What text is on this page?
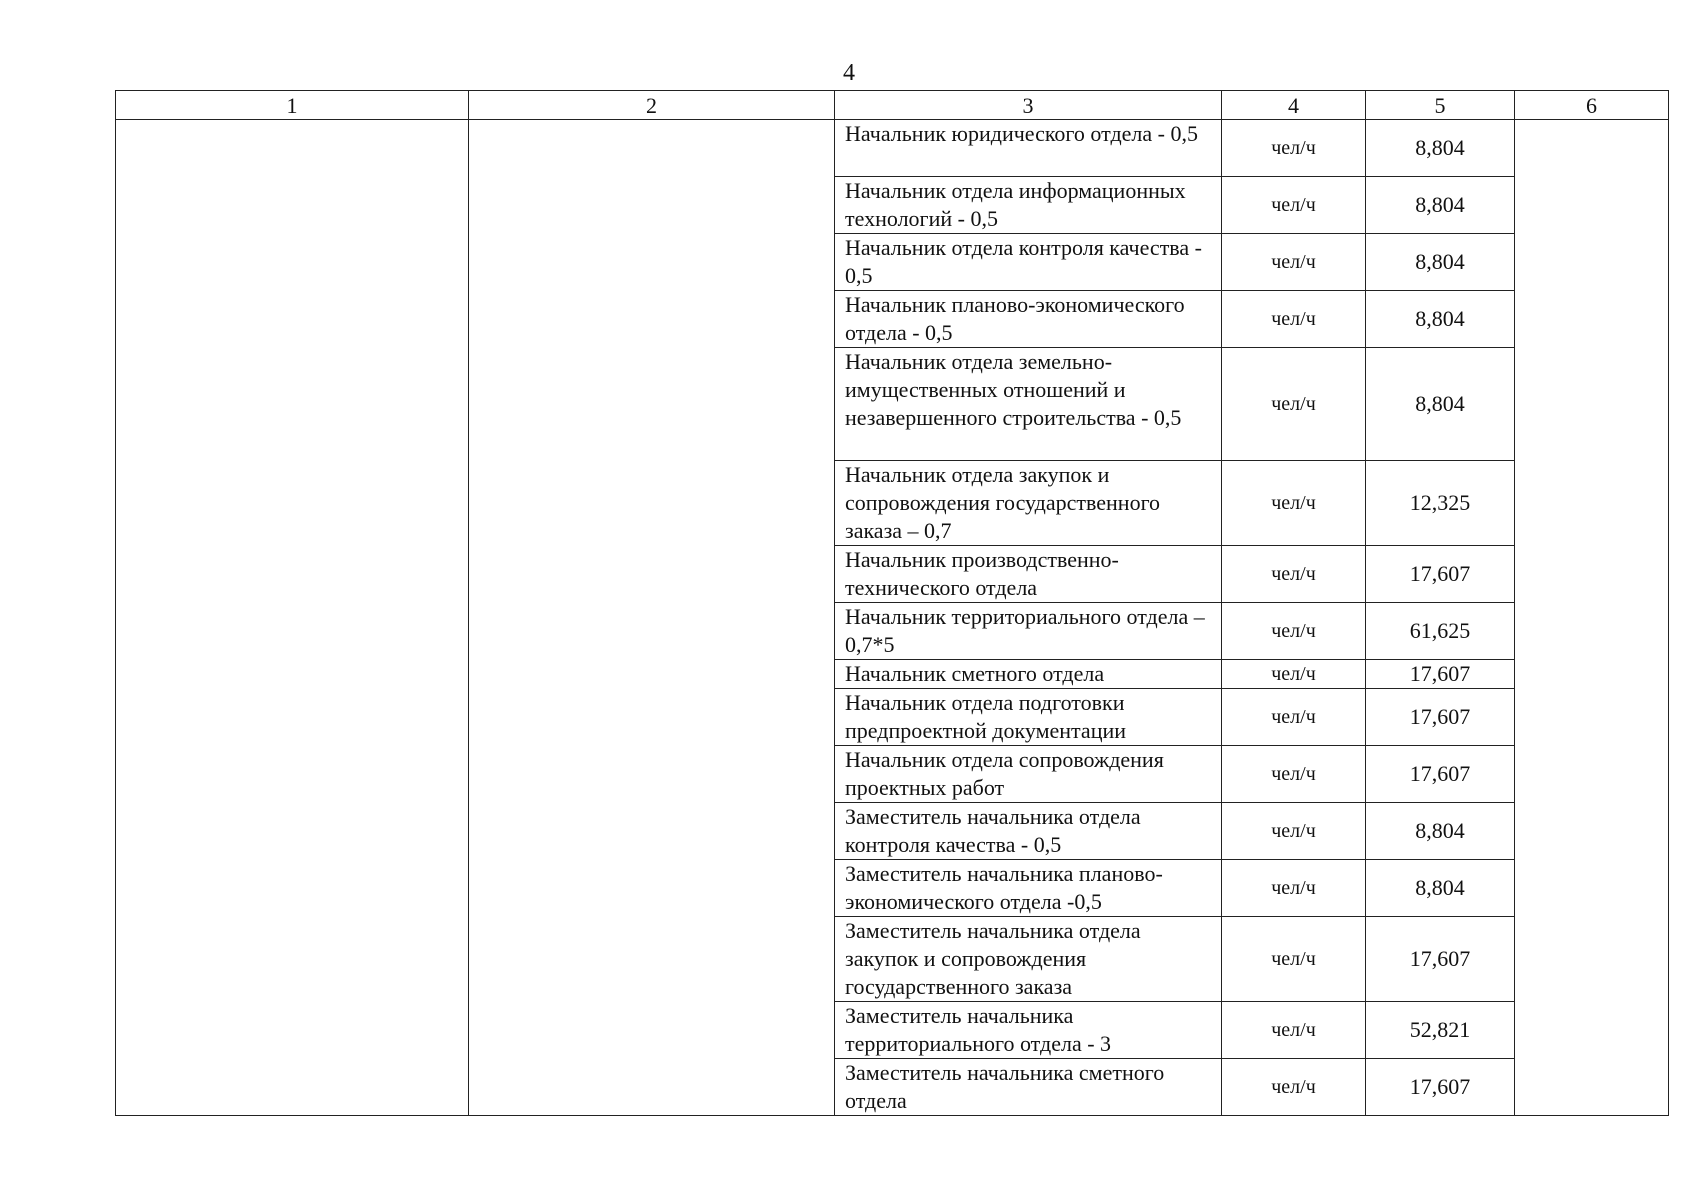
4
1	2	3	4	5	6
		Начальник юридического отдела - 0,5	чел/ч	8,804	
		Начальник отдела информационных технологий - 0,5	чел/ч	8,804	
		Начальник отдела контроля качества - 0,5	чел/ч	8,804	
		Начальник планово-экономического отдела - 0,5	чел/ч	8,804	
		Начальник отдела земельно-имущественных отношений и незавершенного строительства - 0,5	чел/ч	8,804	
		Начальник отдела закупок и сопровождения государственного заказа – 0,7	чел/ч	12,325	
		Начальник производственно-технического отдела	чел/ч	17,607	
		Начальник территориального отдела – 0,7*5	чел/ч	61,625	
		Начальник сметного отдела	чел/ч	17,607	
		Начальник отдела подготовки предпроектной документации	чел/ч	17,607	
		Начальник отдела сопровождения проектных работ	чел/ч	17,607	
		Заместитель начальника отдела контроля качества - 0,5	чел/ч	8,804	
		Заместитель начальника планово-экономического отдела -0,5	чел/ч	8,804	
		Заместитель начальника отдела закупок и сопровождения государственного заказа	чел/ч	17,607	
		Заместитель начальника территориального отдела - 3	чел/ч	52,821	
		Заместитель начальника сметного отдела	чел/ч	17,607	
